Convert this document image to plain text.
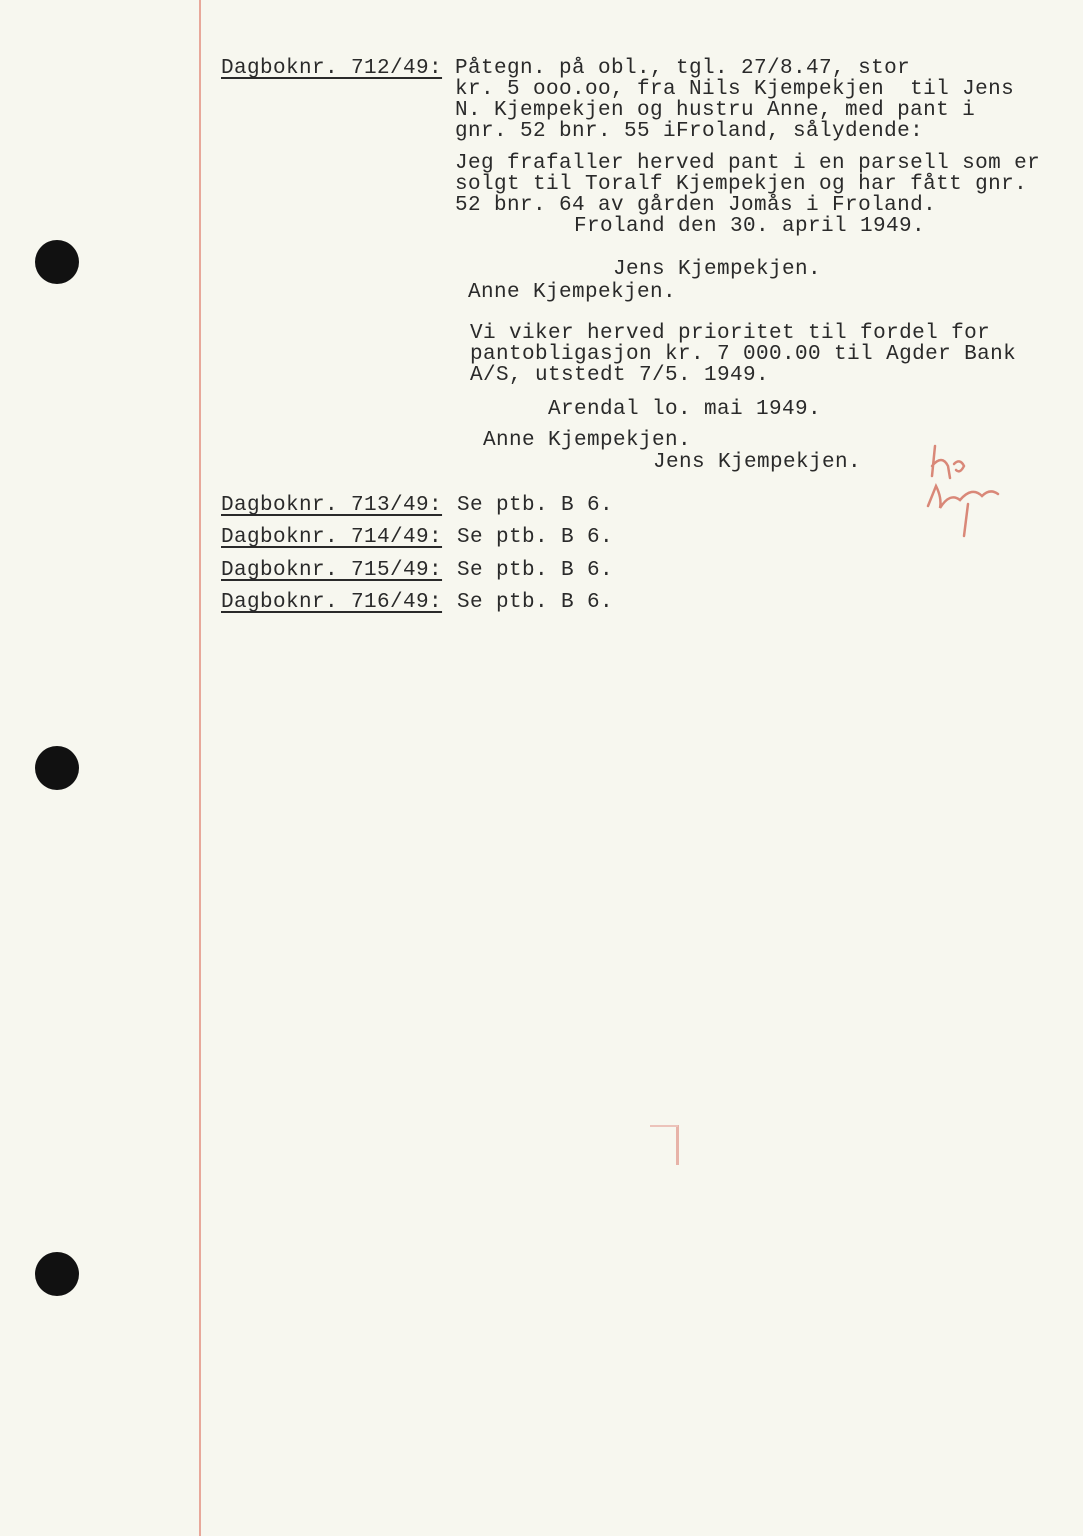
Dagboknr. 712/49: Påtegn. på obl., tgl. 27/8.47, stor
kr. 5 ooo.oo, fra Nils Kjempekjen  til Jens
N. Kjempekjen og hustru Anne, med pant i
gnr. 52 bnr. 55 iFroland, sålydende:
Jeg frafaller herved pant i en parsell som er
solgt til Toralf Kjempekjen og har fått gnr.
52 bnr. 64 av gården Jomås i Froland.
Froland den 30. april 1949.
Jens Kjempekjen.
Anne Kjempekjen.
Vi viker herved prioritet til fordel for
pantobligasjon kr. 7 000.00 til Agder Bank
A/S, utstedt 7/5. 1949.
Arendal lo. mai 1949.
Anne Kjempekjen.
Jens Kjempekjen.
Dagboknr. 713/49: Se ptb. B 6.
Dagboknr. 714/49: Se ptb. B 6.
Dagboknr. 715/49: Se ptb. B 6.
Dagboknr. 716/49: Se ptb. B 6.
